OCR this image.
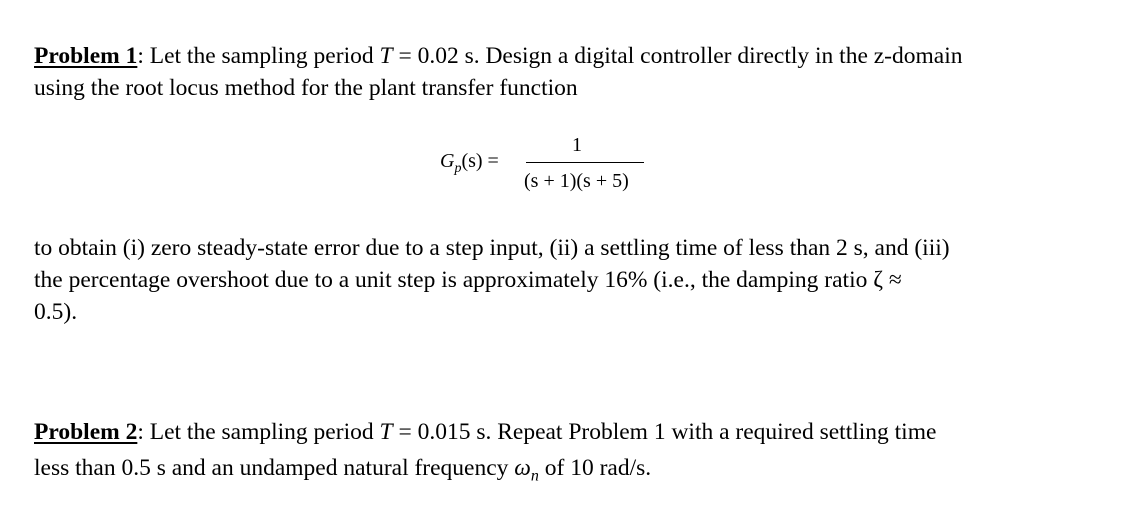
Problem 1: Let the sampling period T = 0.02 s. Design a digital controller directly in the z-domain
using the root locus method for the plant transfer function
$G_p(s)$ =
1
(s + 1)(s + 5)
to obtain (i) zero steady-state error due to a step input, (ii) a settling time of less than 2 s, and (iii)
the percentage overshoot due to a unit step is approximately 16% (i.e., the damping ratio ζ ≈
0.5).
Problem 2: Let the sampling period T = 0.015 s. Repeat Problem 1 with a required settling time
less than 0.5 s and an undamped natural frequency $\omega_n$ of 10 rad/s.
